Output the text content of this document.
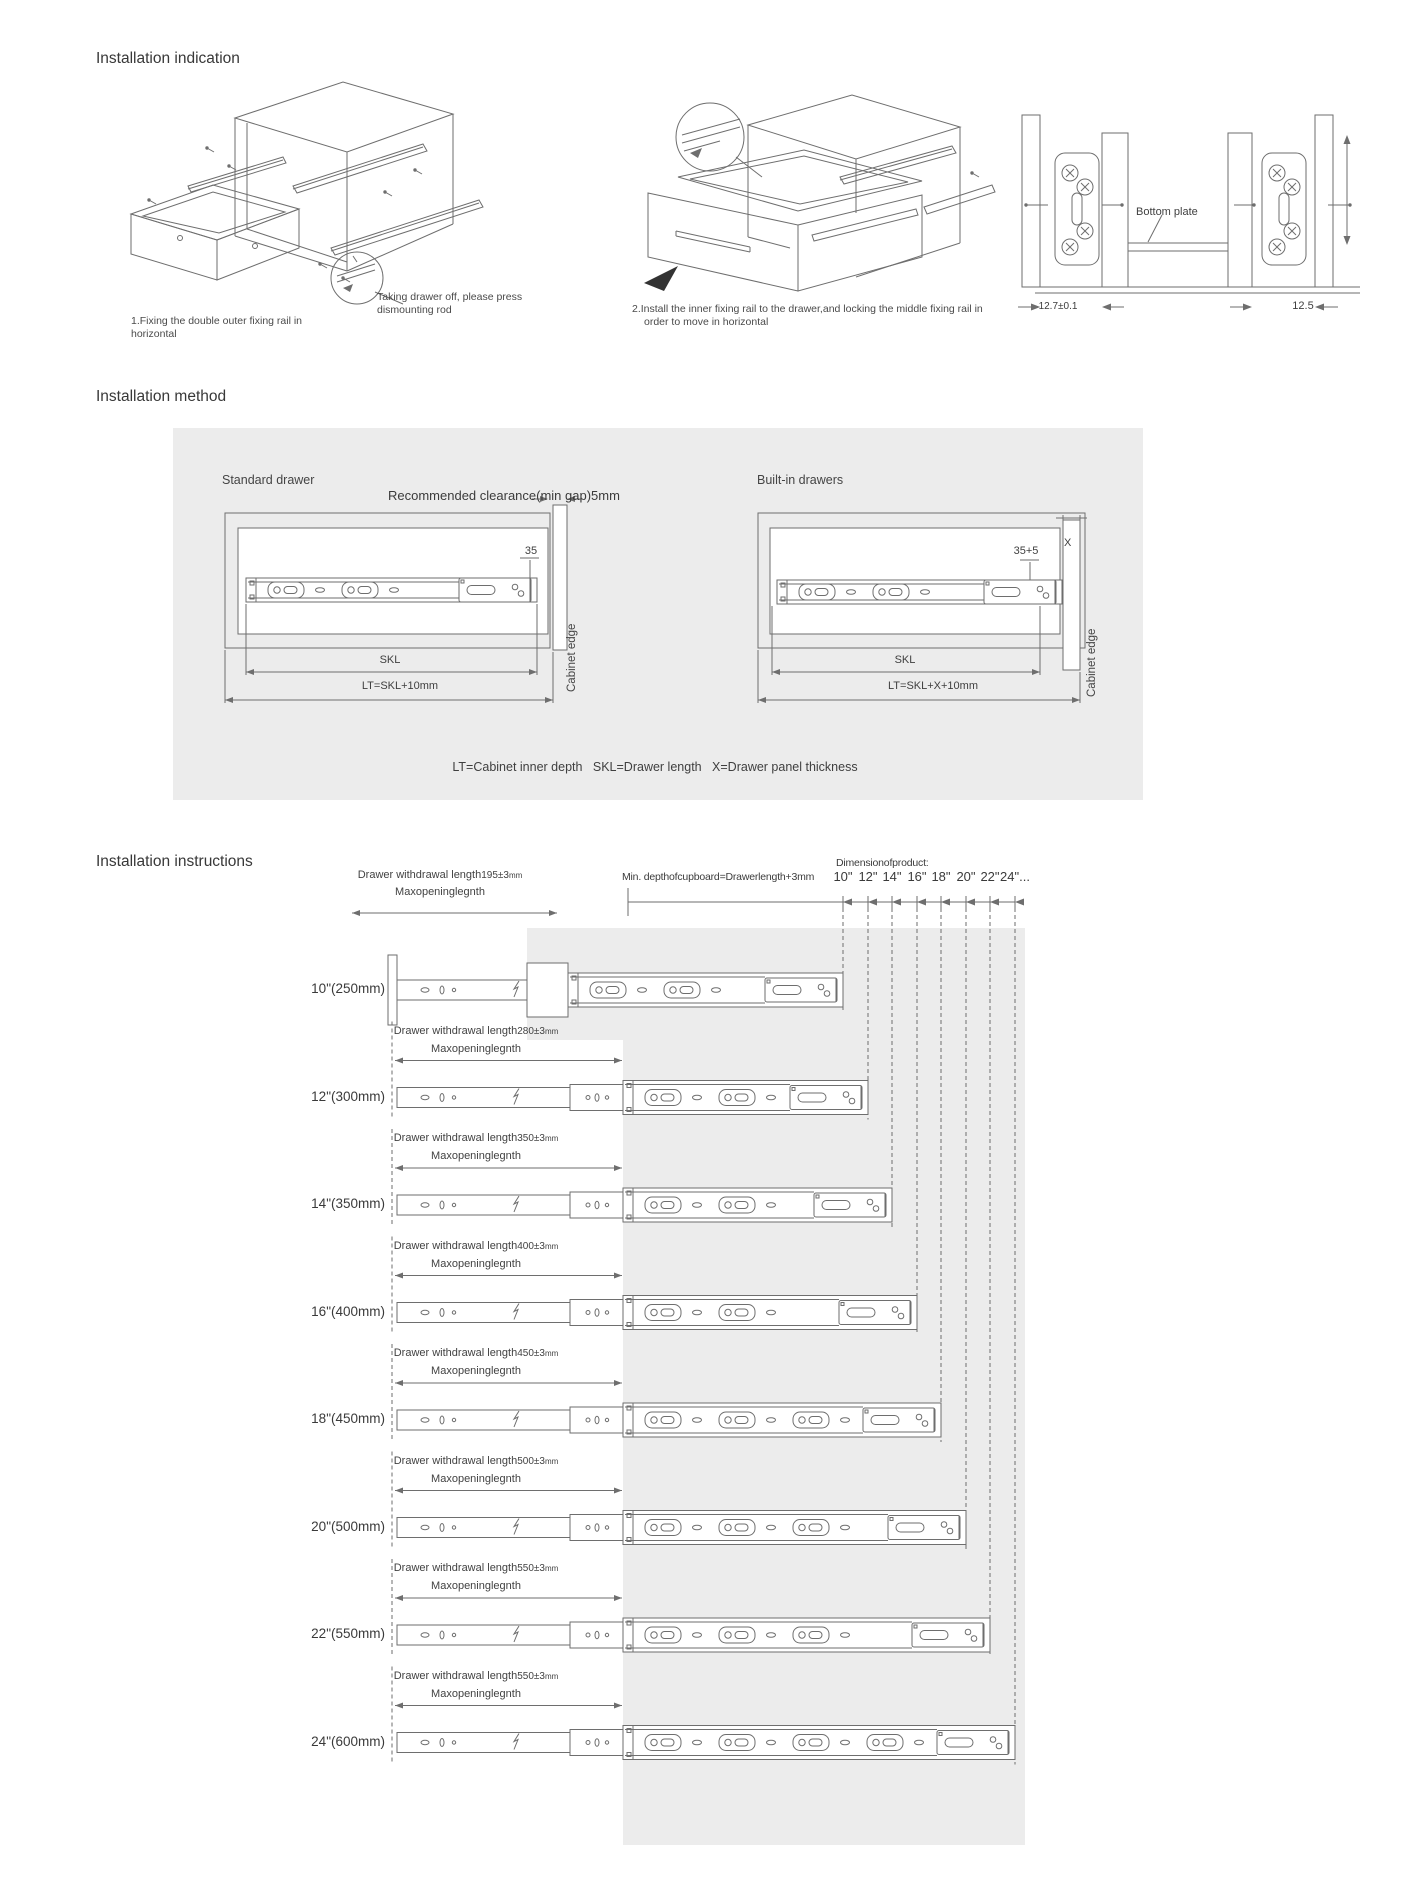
Installation indication
Taking drawer off, please press dismounting rod
1.Fixing the double outer fixing rail in horizontal
2.Install the inner fixing rail to the drawer,and locking the middle fixing rail in order to move in horizontal
Bottom plate
12.7±0.1	12.5
Installation method
Standard drawer	Built-in drawers
Recommended clearance(min gap)5mm
35	35+5
X
SKL	SKL
LT=SKL+10mm	LT=SKL+X+10mm
Cabinet edge	Cabinet edge
LT=Cabinet inner depth   SKL=Drawer length   X=Drawer panel thickness
Installation instructions
Min. depthofcupboard=Drawerlength+3mm
Dimensionofproduct:
10" 12" 14" 16" 18" 20" 22" 24"...
10"(250mm)
Drawer withdrawal length195±3mm
Maxopeninglegnth
12"(300mm)
Drawer withdrawal length280±3mm
Maxopeninglegnth
14"(350mm)
Drawer withdrawal length350±3mm
Maxopeninglegnth
16"(400mm)
Drawer withdrawal length400±3mm
Maxopeninglegnth
18"(450mm)
Drawer withdrawal length450±3mm
Maxopeninglegnth
20"(500mm)
Drawer withdrawal length500±3mm
Maxopeninglegnth
22"(550mm)
Drawer withdrawal length550±3mm
Maxopeninglegnth
24"(600mm)
Drawer withdrawal length550±3mm
Maxopeninglegnth
